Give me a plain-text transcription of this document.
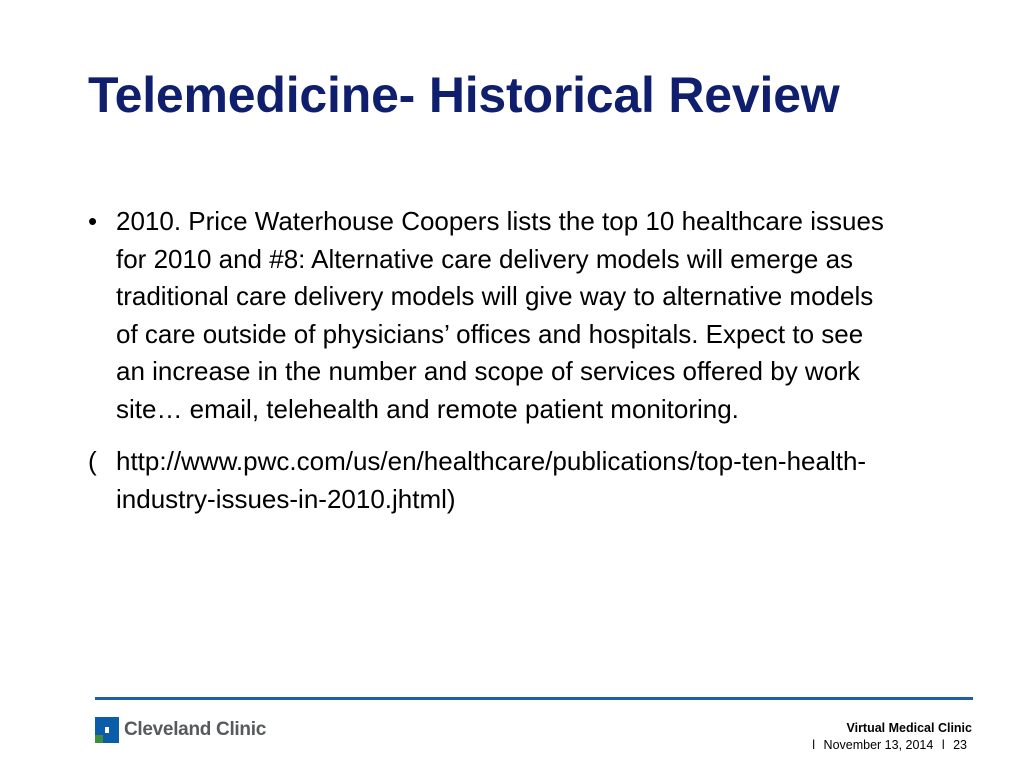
Telemedicine- Historical Review
• 2010. Price Waterhouse Coopers lists the top 10 healthcare issues for 2010 and #8: Alternative care delivery models will emerge as traditional care delivery models will give way to alternative models of care outside of physicians’ offices and hospitals. Expect to see an increase in the number and scope of services offered by work site… email, telehealth and remote patient monitoring.
( http://www.pwc.com/us/en/healthcare/publications/top-ten-health-industry-issues-in-2010.jhtml)
Cleveland Clinic	Virtual Medical Clinic
l November 13, 2014 l 23
